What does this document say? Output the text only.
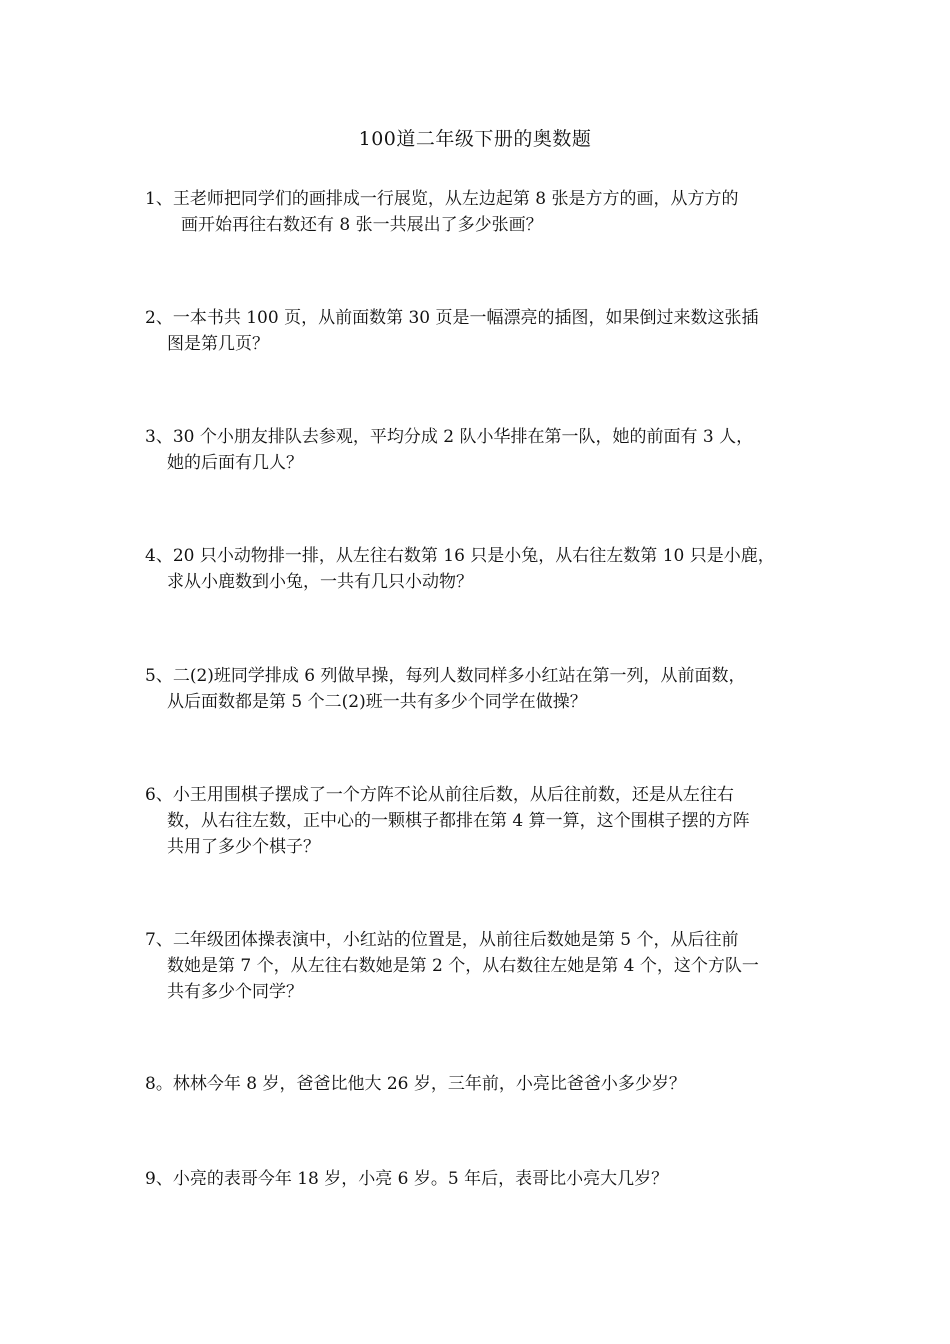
100道二年级下册的奥数题
1、王老师把同学们的画排成一行展览，从左边起第 8 张是方方的画，从方方的
画开始再往右数还有 8 张一共展出了多少张画？
2、一本书共 100 页，从前面数第 30 页是一幅漂亮的插图，如果倒过来数这张插
图是第几页？
3、30 个小朋友排队去参观，平均分成 2 队小华排在第一队，她的前面有 3 人，
她的后面有几人？
4、20 只小动物排一排，从左往右数第 16 只是小兔，从右往左数第 10 只是小鹿，
求从小鹿数到小兔，一共有几只小动物？
5、二(2)班同学排成 6 列做早操，每列人数同样多小红站在第一列，从前面数，
从后面数都是第 5 个二(2)班一共有多少个同学在做操？
6、小王用围棋子摆成了一个方阵不论从前往后数，从后往前数，还是从左往右
数，从右往左数，正中心的一颗棋子都排在第 4 算一算，这个围棋子摆的方阵
共用了多少个棋子？
7、二年级团体操表演中，小红站的位置是，从前往后数她是第 5 个，从后往前
数她是第 7 个，从左往右数她是第 2 个，从右数往左她是第 4 个，这个方队一
共有多少个同学？
8。林林今年 8 岁，爸爸比他大 26 岁，三年前，小亮比爸爸小多少岁？
9、小亮的表哥今年 18 岁，小亮 6 岁。5 年后，表哥比小亮大几岁？
